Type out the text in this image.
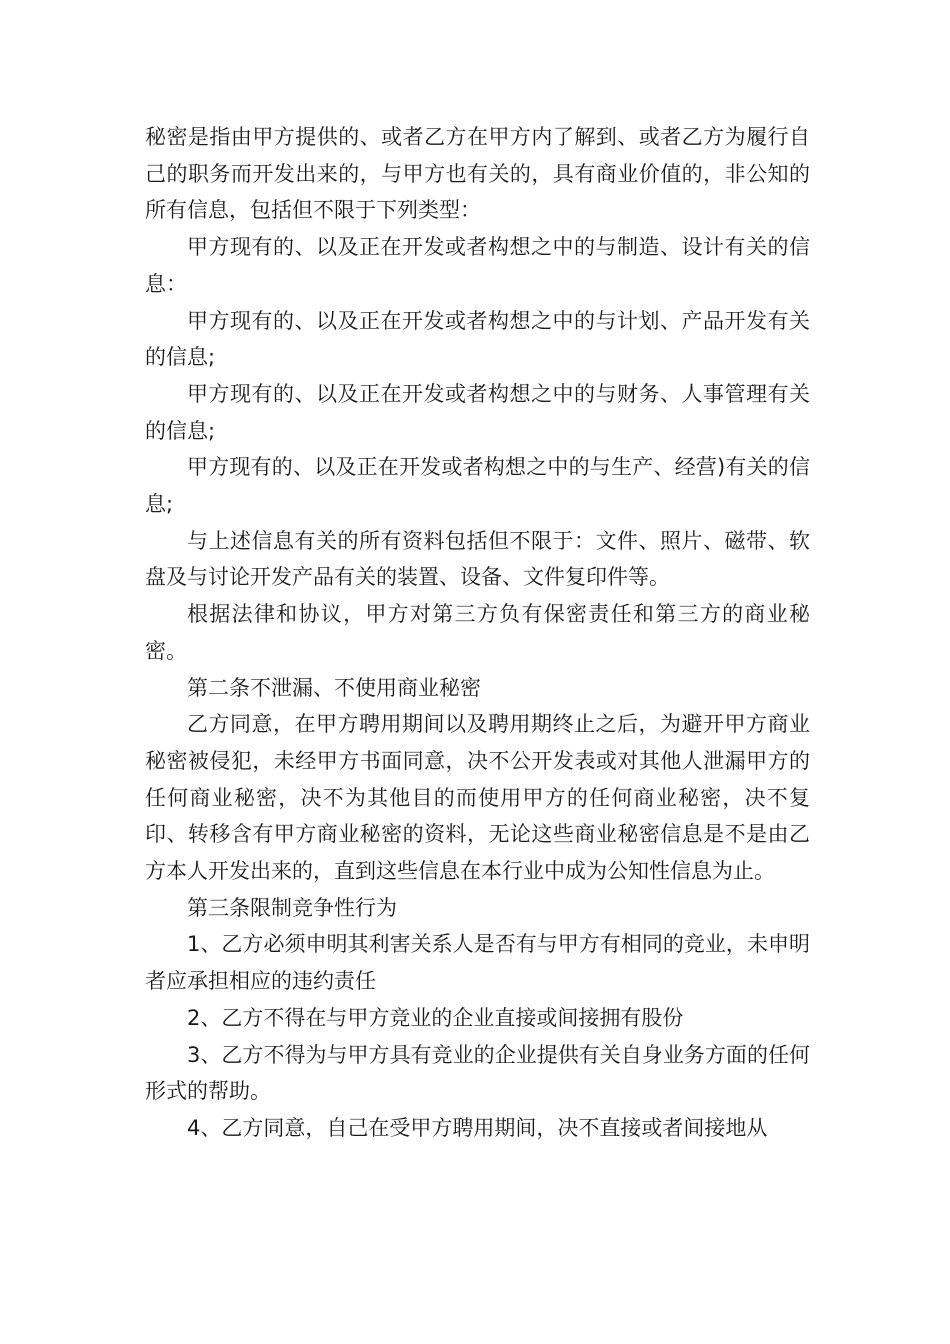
秘密是指由甲方提供的、或者乙方在甲方内了解到、或者乙方为履行自己的职务而开发出来的，与甲方也有关的，具有商业价值的，非公知的所有信息，包括但不限于下列类型：

甲方现有的、以及正在开发或者构想之中的与制造、设计有关的信息：

甲方现有的、以及正在开发或者构想之中的与计划、产品开发有关的信息;

甲方现有的、以及正在开发或者构想之中的与财务、人事管理有关的信息;

甲方现有的、以及正在开发或者构想之中的与生产、经营)有关的信息;

与上述信息有关的所有资料包括但不限于：文件、照片、磁带、软盘及与讨论开发产品有关的装置、设备、文件复印件等。

根据法律和协议，甲方对第三方负有保密责任和第三方的商业秘密。

第二条不泄漏、不使用商业秘密

乙方同意，在甲方聘用期间以及聘用期终止之后，为避开甲方商业秘密被侵犯，未经甲方书面同意，决不公开发表或对其他人泄漏甲方的任何商业秘密，决不为其他目的而使用甲方的任何商业秘密，决不复印、转移含有甲方商业秘密的资料，无论这些商业秘密信息是不是由乙方本人开发出来的，直到这些信息在本行业中成为公知性信息为止。

第三条限制竞争性行为

1、乙方必须申明其利害关系人是否有与甲方有相同的竞业，未申明者应承担相应的违约责任

2、乙方不得在与甲方竞业的企业直接或间接拥有股份

3、乙方不得为与甲方具有竞业的企业提供有关自身业务方面的任何形式的帮助。

4、乙方同意，自己在受甲方聘用期间，决不直接或者间接地从
